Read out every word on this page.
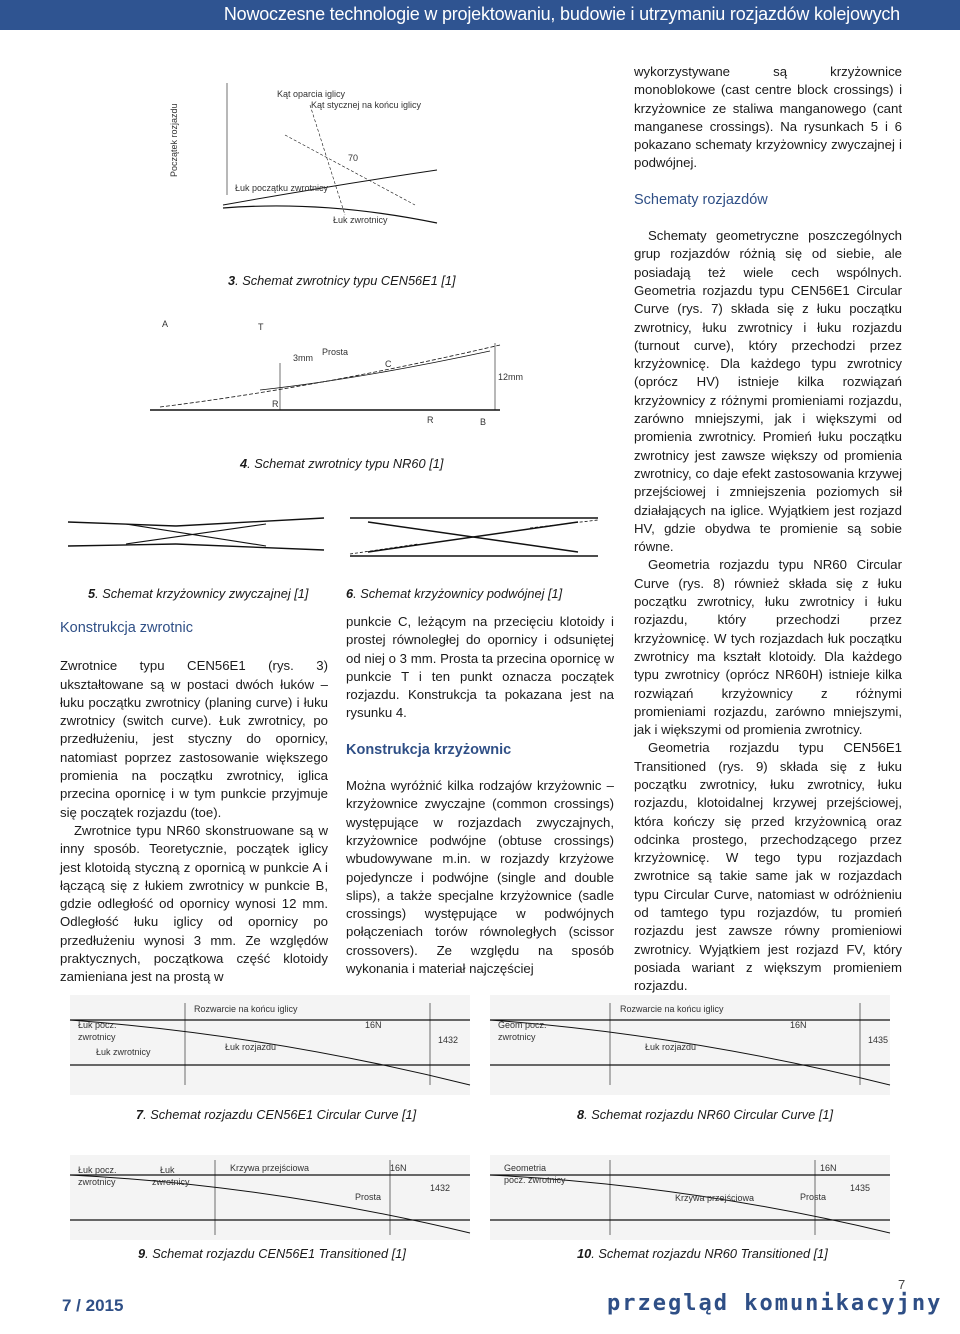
Nowoczesne technologie w projektowaniu, budowie i utrzymaniu rozjazdów kolejowych
Początek rozjazdu
Kąt oparcia iglicy
Kąt stycznej na końcu iglicy
70
Łuk początku zwrotnicy
Łuk zwrotnicy
3. Schemat zwrotnicy typu CEN56E1 [1]
A	T
3mm
Prosta
C
R
R	B
12mm
4. Schemat zwrotnicy typu NR60 [1]
5. Schemat krzyżownicy zwyczajnej [1]	6. Schemat krzyżownicy podwójnej [1]

wykorzystywane są krzyżownice monoblokowe (cast centre block crossings) i krzyżownice ze staliwa manganowego (cant manganese crossings). Na rysunkach 5 i 6 pokazano schematy krzyżownicy zwyczajnej i podwójnej.

Schematy rozjazdów

Schematy geometryczne poszczególnych grup rozjazdów różnią się od siebie, ale posiadają też wiele cech wspólnych. Geometria rozjazdu typu CEN56E1 Circular Curve (rys. 7) składa się z łuku początku zwrotnicy, łuku zwrotnicy i łuku rozjazdu (turnout curve), który przechodzi przez krzyżownicę. Dla każdego typu zwrotnicy (oprócz HV) istnieje kilka rozwiązań krzyżownicy z różnymi promieniami rozjazdu, zarówno mniejszymi, jak i większymi od promienia zwrotnicy. Promień łuku początku zwrotnicy jest zawsze większy od promienia zwrotnicy, co daje efekt zastosowania krzywej przejściowej i zmniejszenia poziomych sił działających na iglice. Wyjątkiem jest rozjazd HV, gdzie obydwa te promienie są sobie równe.

Geometria rozjazdu typu NR60 Circular Curve (rys. 8) również składa się z łuku początku zwrotnicy, łuku zwrotnicy i łuku rozjazdu, który przechodzi przez krzyżownicę. W tych rozjazdach łuk początku zwrotnicy ma kształt klotoidy. Dla każdego typu zwrotnicy (oprócz NR60H) istnieje kilka rozwiązań krzyżownicy z różnymi promieniami rozjazdu, zarówno mniejszymi, jak i większymi od promienia zwrotnicy.

Geometria rozjazdu typu CEN56E1 Transitioned (rys. 9) składa się z łuku początku zwrotnicy, łuku zwrotnicy, łuku rozjazdu, klotoidalnej krzywej przejściowej, która kończy się przed krzyżownicą oraz odcinka prostego, przechodzącego przez krzyżownicę. W tego typu rozjazdach zwrotnice są takie same jak w rozjazdach typu Circular Curve, natomiast w odróżnieniu od tamtego typu rozjazdów, tu promień rozjazdu jest zawsze równy promieniowi zwrotnicy. Wyjątkiem jest rozjazd FV, który posiada wariant z większym promieniem rozjazdu.

Konstrukcja zwrotnic

Zwrotnice typu CEN56E1 (rys. 3) ukształtowane są w postaci dwóch łuków – łuku początku zwrotnicy (planing curve) i łuku zwrotnicy (switch curve). Łuk zwrotnicy, po przedłużeniu, jest styczny do opornicy, natomiast poprzez zastosowanie większego promienia na początku zwrotnicy, iglica przecina opornicę i w tym punkcie przyjmuje się początek rozjazdu (toe).

Zwrotnice typu NR60 skonstruowane są w inny sposób. Teoretycznie, początek iglicy jest klotoidą styczną z opornicą w punkcie A i łączącą się z łukiem zwrotnicy w punkcie B, gdzie odległość od opornicy wynosi 12 mm. Odległość łuku iglicy od opornicy po przedłużeniu wynosi 3 mm. Ze względów praktycznych, początkowa część klotoidy zamieniana jest na prostą w

punkcie C, leżącym na przecięciu klotoidy i prostej równoległej do opornicy i odsuniętej od niej o 3 mm. Prosta ta przecina opornicę w punkcie T i ten punkt oznacza początek rozjazdu. Konstrukcja ta pokazana jest na rysunku 4.

Konstrukcja krzyżownic

Można wyróżnić kilka rodzajów krzyżownic – krzyżownice zwyczajne (common crossings) występujące w rozjazdach zwyczajnych, krzyżownice podwójne (obtuse crossings) wbudowywane m.in. w rozjazdy krzyżowe pojedyncze i podwójne (single and double slips), a także specjalne krzyżownice (sadle crossings) występujące w podwójnych połączeniach torów równoległych (scissor crossovers). Ze względu na sposób wykonania i materiał najczęściej

Rozwarcie na końcu iglicy
Łuk pocz.
zwrotnicy
Łuk zwrotnicy
16N
Łuk rozjazdu
1432
7. Schemat rozjazdu CEN56E1 Circular Curve [1]
Rozwarcie na końcu iglicy
Geom pocz.
zwrotnicy
16N
Łuk rozjazdu
1435
8. Schemat rozjazdu NR60 Circular Curve [1]
Łuk pocz.
zwrotnicy
Łuk
zwrotnicy
Krzywa przejściowa	16N
1432
Prosta
9. Schemat rozjazdu CEN56E1 Transitioned [1]
Geometria
pocz. zwrotnicy
Krzywa przejściowa
16N
1435
Prosta
10. Schemat rozjazdu NR60 Transitioned [1]
7 / 2015	przegląd komunikacyjny
7
